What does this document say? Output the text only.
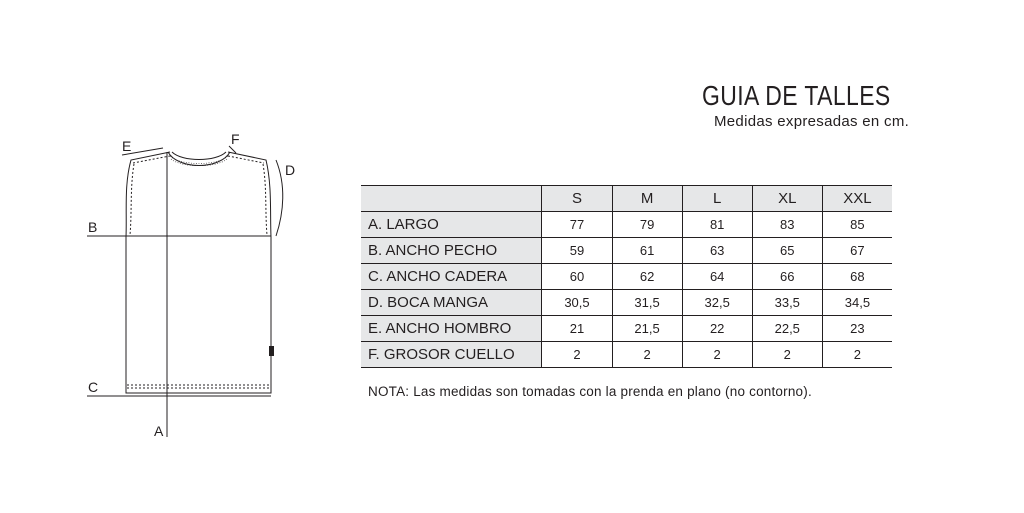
GUIA DE TALLES
Medidas expresadas en cm.
A
B
C
D
E	F
	S	M	L	XL	XXL
A. LARGO	77	79	81	83	85
B. ANCHO PECHO	59	61	63	65	67
C. ANCHO CADERA	60	62	64	66	68
D. BOCA MANGA	30,5	31,5	32,5	33,5	34,5
E. ANCHO HOMBRO	21	21,5	22	22,5	23
F. GROSOR CUELLO	2	2	2	2	2
NOTA: Las medidas son tomadas con la prenda en plano (no contorno).
